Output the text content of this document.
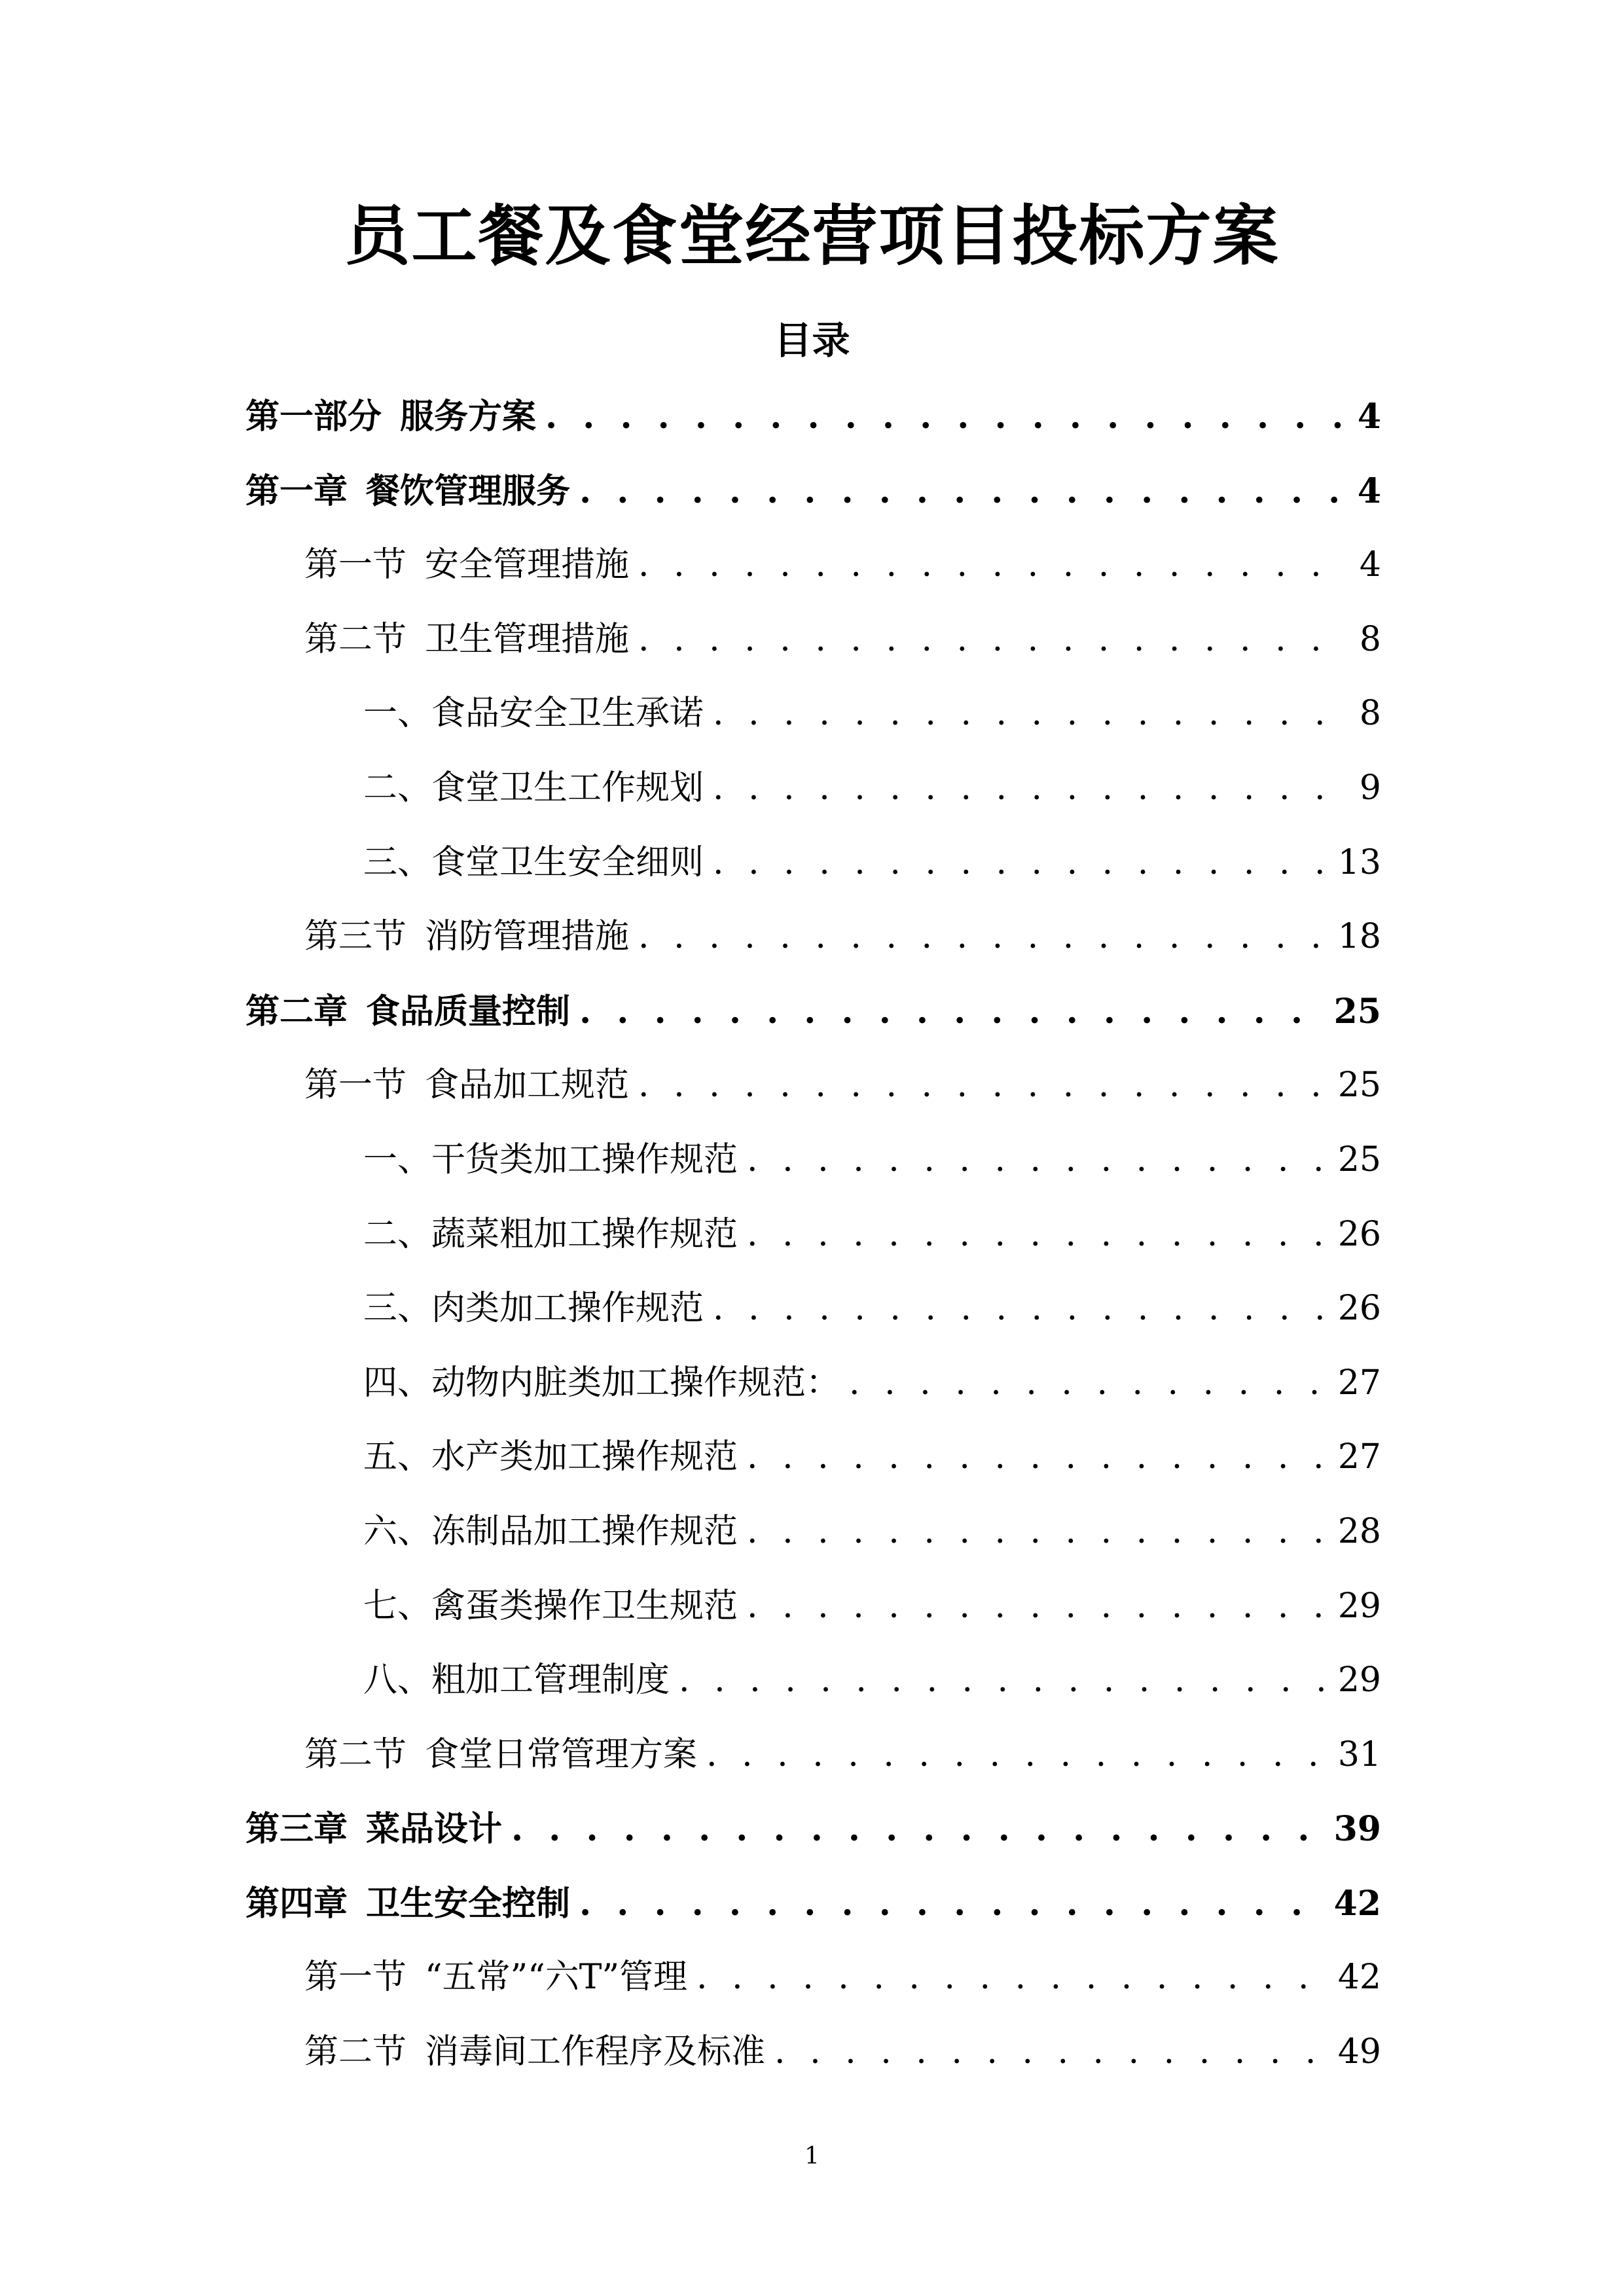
员工餐及食堂经营项目投标方案
目录
第一部分 服务方案 . . .	4
第一章 餐饮管理服务 . . .	4
第一节 安全管理措施 . . .	4
第二节 卫生管理措施 . . .	8
一、 食品安全卫生承诺 . . .	8
二、 食堂卫生工作规划 . . .	9
三、 食堂卫生安全细则 . . .	13
第三节 消防管理措施 . . .	18
第二章 食品质量控制 . . .	25
第一节 食品加工规范 . . .	25
一、 干货类加工操作规范 . . .	25
二、 蔬菜粗加工操作规范 . . .	26
三、 肉类加工操作规范 . . .	26
四、 动物内脏类加工操作规范： . . .	27
五、 水产类加工操作规范 . . .	27
六、 冻制品加工操作规范 . . .	28
七、 禽蛋类操作卫生规范 . . .	29
八、 粗加工管理制度 . . .	29
第二节 食堂日常管理方案 . . .	31
第三章 菜品设计 . . .	39
第四章 卫生安全控制 . . .	42
第一节 “五常”“六T”管理 . . .	42
第二节 消毒间工作程序及标准 . . .	49
1
